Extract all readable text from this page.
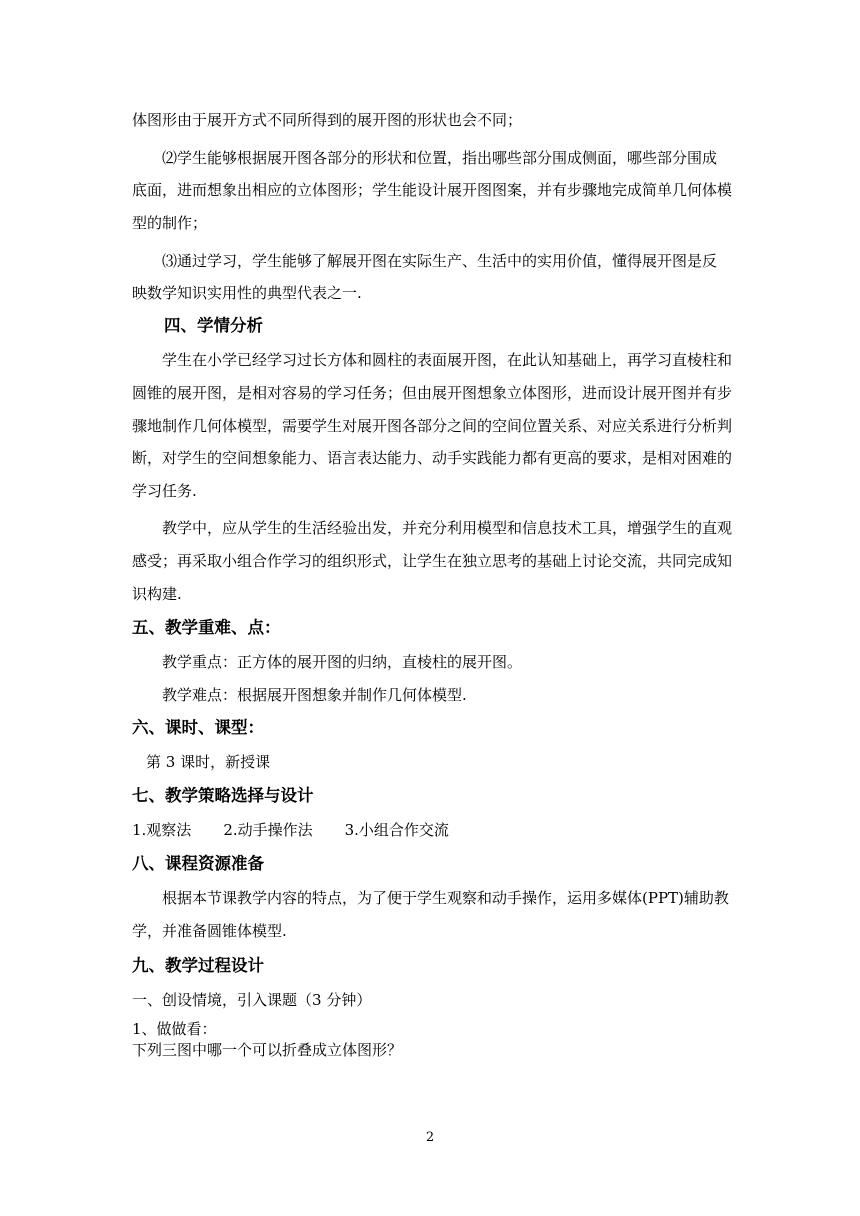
体图形由于展开方式不同所得到的展开图的形状也会不同；
⑵学生能够根据展开图各部分的形状和位置，指出哪些部分围成侧面，哪些部分围成
底面，进而想象出相应的立体图形；学生能设计展开图图案，并有步骤地完成简单几何体模
型的制作；
⑶通过学习，学生能够了解展开图在实际生产、生活中的实用价值，懂得展开图是反
映数学知识实用性的典型代表之一.
四、学情分析
学生在小学已经学习过长方体和圆柱的表面展开图，在此认知基础上，再学习直棱柱和
圆锥的展开图，是相对容易的学习任务；但由展开图想象立体图形，进而设计展开图并有步
骤地制作几何体模型，需要学生对展开图各部分之间的空间位置关系、对应关系进行分析判
断，对学生的空间想象能力、语言表达能力、动手实践能力都有更高的要求，是相对困难的
学习任务.
教学中，应从学生的生活经验出发，并充分利用模型和信息技术工具，增强学生的直观
感受；再采取小组合作学习的组织形式，让学生在独立思考的基础上讨论交流，共同完成知
识构建.
五、教学重难、点：
教学重点：正方体的展开图的归纳，直棱柱的展开图。
教学难点：根据展开图想象并制作几何体模型.
六、课时、课型：
第 3 课时，新授课
七、教学策略选择与设计
1.观察法 2.动手操作法 3.小组合作交流
八、课程资源准备
根据本节课教学内容的特点，为了便于学生观察和动手操作，运用多媒体(PPT)辅助教
学，并准备圆锥体模型.
九、教学过程设计
一、创设情境，引入课题（3 分钟）
1、做做看：
下列三图中哪一个可以折叠成立体图形？
2
